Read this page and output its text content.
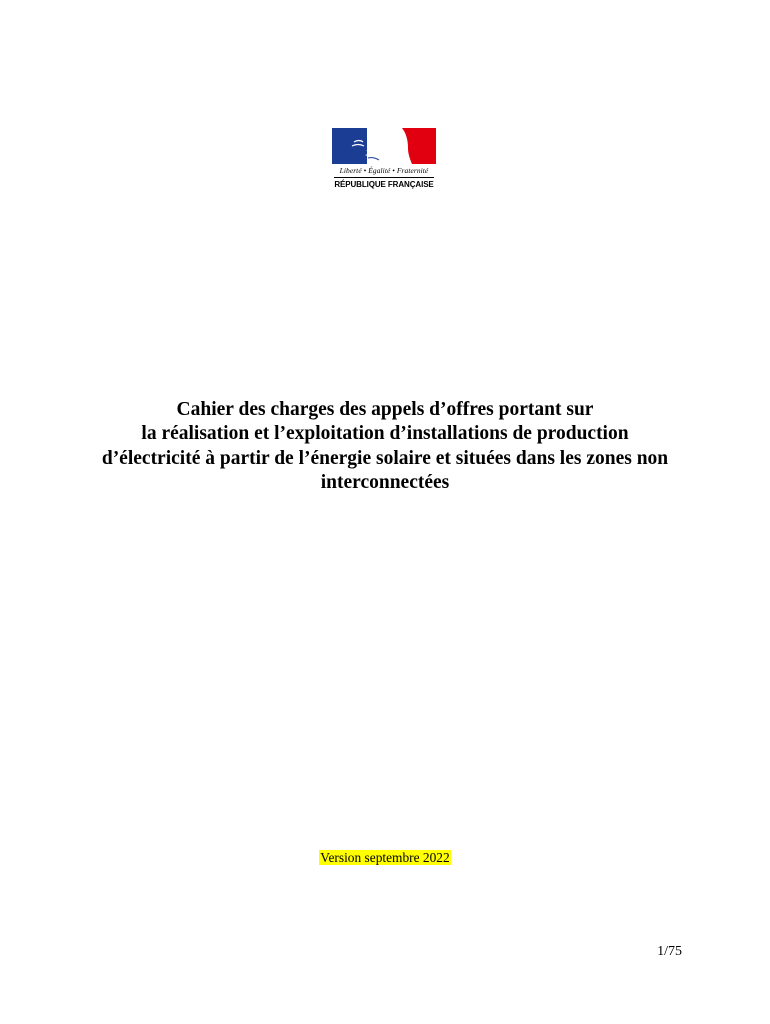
Liberté • Égalité • Fraternité
RÉPUBLIQUE FRANÇAISE
Cahier des charges des appels d’offres portant sur
la réalisation et l’exploitation d’installations de production
d’électricité à partir de l’énergie solaire et situées dans les zones non
interconnectées
Version septembre 2022
1/75
